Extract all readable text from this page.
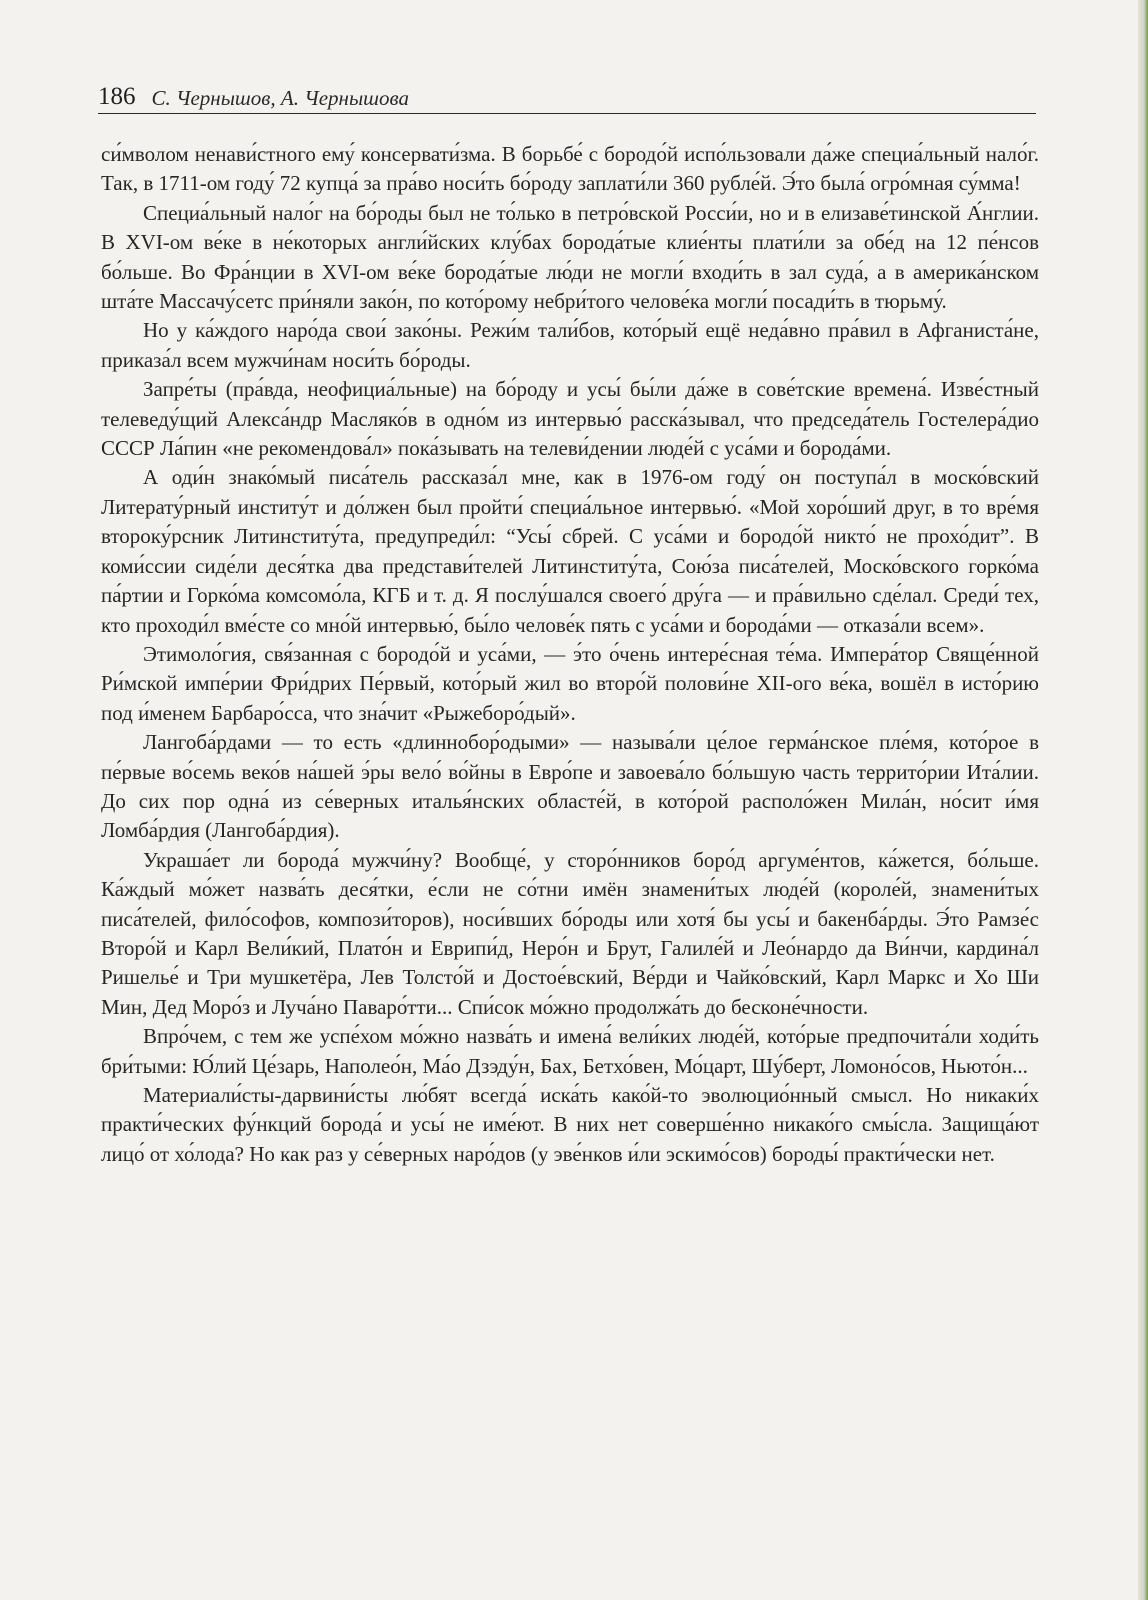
186 С. Чернышов, А. Чернышова

си́мволом ненави́стного ему́ консервати́зма. В борьбе́ с бородо́й испо́льзовали да́же специа́льный нало́г. Так, в 1711-ом году́ 72 купца́ за пра́во носи́ть бо́роду заплати́ли 360 рубле́й. Э́то была́ огро́мная су́мма!

Специа́льный нало́г на бо́роды был не то́лько в петро́вской Росси́и, но и в елизаве́тинской А́нглии. В XVI-ом ве́ке в не́которых англи́йских клу́бах борода́тые клие́нты плати́ли за обе́д на 12 пе́нсов бо́льше. Во Фра́нции в XVI-ом ве́ке борода́тые лю́ди не могли́ входи́ть в зал суда́, а в америка́нском шта́те Массачу́сетс при́няли зако́н, по кото́рому небри́того челове́ка могли́ посади́ть в тюрьму́.

Но у ка́ждого наро́да свои́ зако́ны. Режи́м тали́бов, кото́рый ещё неда́вно пра́вил в Афганиста́не, приказа́л всем мужчи́нам носи́ть бо́роды.

Запре́ты (пра́вда, неофициа́льные) на бо́роду и усы́ бы́ли да́же в сове́тские времена́. Изве́стный телеведу́щий Алекса́ндр Масляко́в в одно́м из интервью́ расска́зывал, что председа́тель Гостелера́дио СССР Ла́пин «не рекомендова́л» пока́зывать на телеви́дении люде́й с уса́ми и борода́ми.

А оди́н знако́мый писа́тель рассказа́л мне, как в 1976-ом году́ он поступа́л в моско́вский Литерату́рный институ́т и до́лжен был пройти́ специа́льное интервью́. «Мой хоро́ший друг, в то вре́мя второку́рсник Литинститу́та, предупреди́л: “Усы́ сбрей. С уса́ми и бородо́й никто́ не прохо́дит”. В коми́ссии сиде́ли деся́тка два представи́телей Литинститу́та, Сою́за писа́телей, Моско́вского горко́ма па́ртии и Горко́ма комсомо́ла, КГБ и т. д. Я послу́шался своего́ дру́га — и пра́вильно сде́лал. Среди́ тех, кто проходи́л вме́сте со мно́й интервью́, бы́ло челове́к пять с уса́ми и борода́ми — отказа́ли всем».

Этимоло́гия, свя́занная с бородо́й и уса́ми, — э́то о́чень интере́сная те́ма. Импера́тор Свяще́нной Ри́мской импе́рии Фри́дрих Пе́рвый, кото́рый жил во второ́й полови́не XII-ого ве́ка, вошёл в исто́рию под и́менем Барбаро́сса, что зна́чит «Рыжеборо́дый».

Лангоба́рдами — то есть «длиннобор́одыми» — называ́ли це́лое герма́нское пле́мя, кото́рое в пе́рвые во́семь веко́в на́шей э́ры вело́ во́йны в Евро́пе и завоева́ло бо́льшую часть террито́рии Ита́лии. До сих пор одна́ из се́верных италья́нских областе́й, в кото́рой располо́жен Мила́н, но́сит и́мя Ломба́рдия (Лангоба́рдия).

Украша́ет ли борода́ мужчи́ну? Вообще́, у сторо́нников боро́д аргуме́нтов, ка́жется, бо́льше. Ка́ждый мо́жет назва́ть деся́тки, е́сли не со́тни имён знамени́тых люде́й (короле́й, знамени́тых писа́телей, фило́софов, компози́торов), носи́вших бо́роды или хотя́ бы усы́ и бакенба́рды. Э́то Рамзе́с Второ́й и Карл Вели́кий, Плато́н и Еврипи́д, Неро́н и Брут, Галиле́й и Лео́нардо да Ви́нчи, кардина́л Ришелье́ и Три мушкетёра, Лев Толсто́й и Достое́вский, Ве́рди и Чайко́вский, Карл Маркс и Хо Ши Мин, Дед Моро́з и Луча́но Паваро́тти... Спи́сок мо́жно продолжа́ть до бесконе́чности.

Впро́чем, с тем же успе́хом мо́жно назва́ть и имена́ вели́ких люде́й, кото́рые предпочита́ли ходи́ть бри́тыми: Ю́лий Це́зарь, Наполео́н, Ма́о Дзэду́н, Бах, Бетхо́вен, Мо́царт, Шу́берт, Ломоно́сов, Ньюто́н...

Материали́сты-дарвини́сты лю́бят всегда́ иска́ть како́й-то эволюцио́нный смысл. Но никаки́х практи́ческих фу́нкций борода́ и усы́ не име́ют. В них нет соверше́нно никако́го смы́сла. Защища́ют лицо́ от хо́лода? Но как раз у се́верных наро́дов (у эве́нков и́ли эскимо́сов) бороды́ практи́чески нет.
